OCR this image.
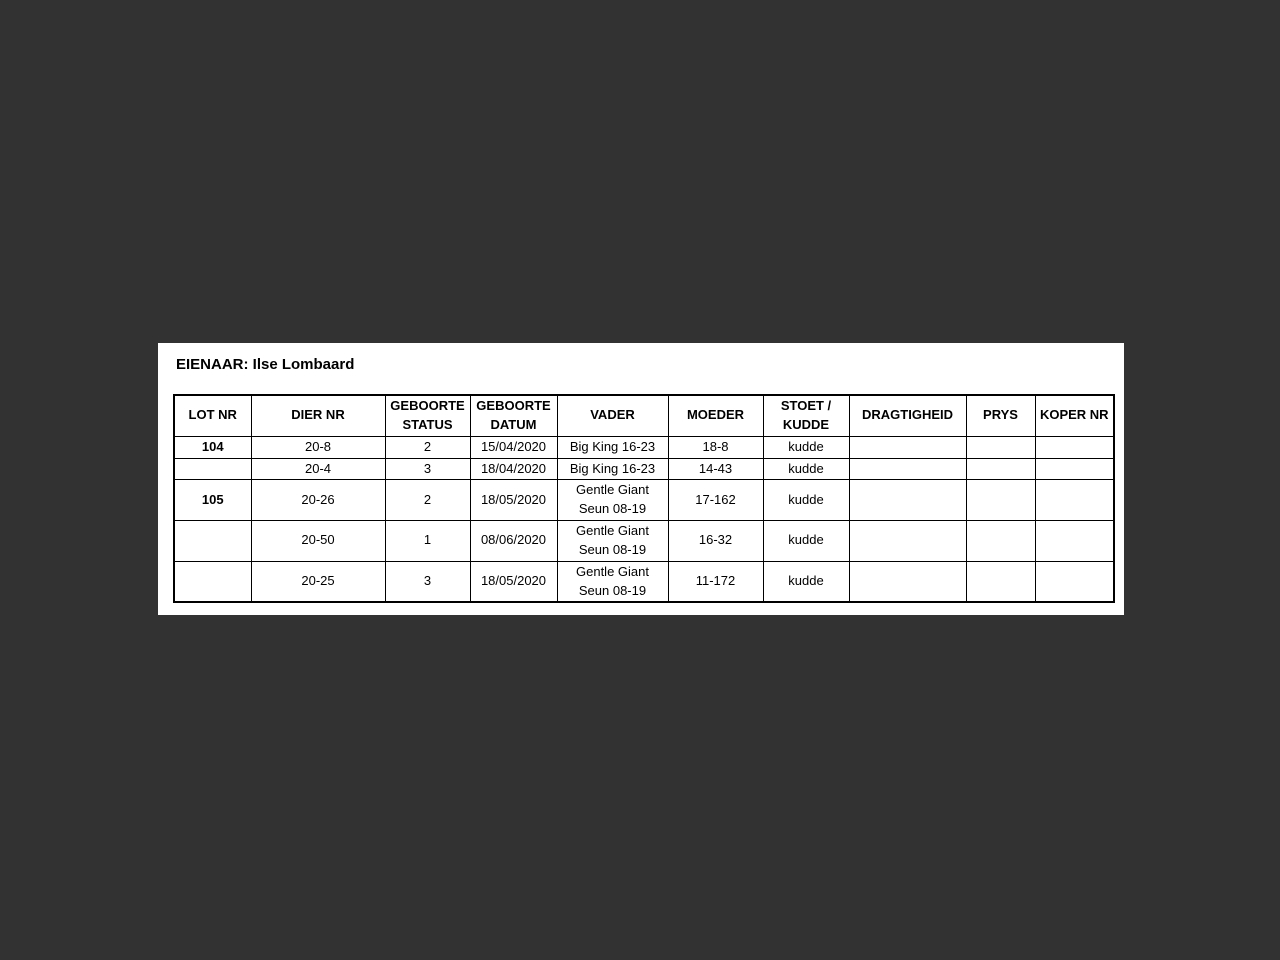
EIENAAR: Ilse Lombaard
LOT NR	DIER NR	GEBOORTE STATUS	GEBOORTE DATUM	VADER	MOEDER	STOET / KUDDE	DRAGTIGHEID	PRYS	KOPER NR
104	20-8	2	15/04/2020	Big King 16-23	18-8	kudde			
	20-4	3	18/04/2020	Big King 16-23	14-43	kudde			
105	20-26	2	18/05/2020	Gentle Giant Seun 08-19	17-162	kudde			
	20-50	1	08/06/2020	Gentle Giant Seun 08-19	16-32	kudde			
	20-25	3	18/05/2020	Gentle Giant Seun 08-19	11-172	kudde			
